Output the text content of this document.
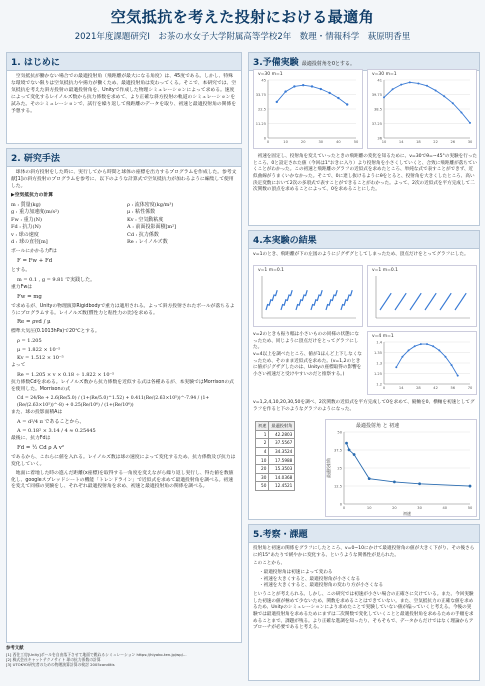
空気抵抗を考えた投射における最適角
2021年度課題研究Ⅰ　お茶の水女子大学附属高等学校2年　数理・情報科学　萩原明香里
1. はじめに

　空気抵抗が働かない場合での最適投射角（飛距離が最大になる角度）は、45度である。しかし、特殊な環境でない限りは空気抵抗力や揚力が働くため、最適投射角は変わってくる。そこで、本研究では、空気抵抗を考えた斜方投射の最適投射角を、Unityで作成した物理シミュレーションによって求める。速度によって変化するレイノルズ数から抗力係数を求めて、より正確な斜方投射の軌道のシミュレーションを試みた。そのシミュレーションで、試行を繰り返して飛距離のデータを取り、初速と最適投射角の関係を予想する。

2. 研究手法

　球体の斜方投射をした時に、実行してから時間と球体の座標を出力するプログラムを作成した。参考文献[1]の斜方投射のプログラムを参考に、以下のような計算式で空気抵抗力が加わるように編集して使用した。

▶空気抵抗力の計算

m : 質量(kg)	ρ : 流体密度(kg/m³)
g : 重力加速度(m/s²)	μ : 粘性係数
Fw : 重力(N)	Kv : 空気動粘度
Fd : 抗力(N)	A : 前面投影面積[m²]
v : 球の速度	Cd : 抗力係数
d : 球の直径[m]	Re : レイノルズ数

ボールにかかる力Fは

F = Fw + Fd

とする。

m = 0.1 , g = 9.81 で実践した。

重力Fwは

Fw = mg

で求めるが、Unityの物理演算Rigidbodyで重力は適用される。よって斜方投射されたボールが落ちるようにプログラムする。レイノルズ数(慣性力と粘性力の比)を求める。

Re = ρvd / μ

標準大気圧(0.1013hPa)で20℃とする。

ρ = 1.205
μ = 1.822 × 10⁻⁵
Kv = 1.512 × 10⁻⁵

よって

Re = 1.205 × v × 0.18 ÷ 1.822 × 10⁻⁵

抗力係数Cdを求める。レイノルズ数から抗力係数を近似する式は各種あるが、本実験ではMorrisonの式を使用した。Morrisonの式

Cd = 24/Re + 2.6(Re/5.0) / (1+(Re/5.0)^1.52) + 0.411(Re/(2.63×10⁵))^-7.94 / (1+(Re/(2.63×10⁵))^-8) + 0.25(Re/10⁶) / (1+(Re/10⁶))

また、球の投影面積Aは

A = d²/4 π であることから、
A = 0.18² × 3.14 / 4 ≈ 0.25445

最後に、抗力Fdは

Fd = ½ Cd ρ A v²

であるから、これらに値を入れる。レイノルズ数は球の速度によって変化するため、抗力係数及び抗力は変化していく。

　地面に着地した時の進んだ距離(x座標)を取得する一角度を変えながら繰り返し実行し、得た値を数値化し、googleスプレッドシートの機能「トレンドライン」で近似式を求めて最適投射角を調べる。初速を変えて同様の実験をし、それぞれ最適投射角を求め、初速と最適投射角の関係を調べる。

参考文献
[1] 西住工房[Unity]ボールを自由落下させて地面で跳ねるシミュレーション https://hiyoko-ten.jp/wp/...
[2] 株式会社キャットテクノサイト 球の抗力係数の計算
[3] UTOKYO研究者のための物理演算計算の検討 2005conditis
3.予備実験 最適投射角を0とする。
0
11.25
22.5
33.75
45
0	10	20	30	40	50
v=30 m=1
36
37.25
38.5
39.75
41
10	14	18	22	26	30
v=30 m=1

　初速を固定し、投射角を変えていったときの飛距離の変化を知るために、v=30でθ=~45°の実験を行ったところ、0と設定された値（今回は1°おきに入り）より投射角を小さくしていくと、合致に飛距離が落ちていくことがわかった。この初速と飛距離のグラフの近似式を求めたところ、単純な式で表すことができず、近似曲線がうまくいかなかった。そこで、0に達し抜けるようにθをとると、投射角を大きくしたところ、高い決定変数において2次の多項式で表すことができることがわかった。よって、2次の近似式を平方完成して二次関数の頂点を求めることによって、0を求めることにした。

4.本実験の結果

v=1のとき、飛距離が下の左図のようにジグザグとしてしまったため、頂点だけをとってグラフにした。

v=1 m=0.1	v=1 m=0.1
v=2のときも振り幅は小さいものの同様の状態になったため、同じように頂点だけをとってグラフにした。
v=4以上を調べたところ、値が1ほんど上下しなくなったため、そのまま近似式を求めた。(v=1,2のときに値がジグザグしたのは、Unityの座標取得の影響を小さい初速だと受けやすいのだと推察する。)
1.2
1.25
1.3
1.35
1.4
0	14	28	42	56	70
v=4 m=1

v=1,2,4,10,20,30,50を調べ、2次関数の近似式を平方完成して0を求めて、縦軸を0、横軸を初速としてグラフを作ると下のようなグラフのようになった。

初速	最適投射角
1	42.2803
2	37.5567
4	34.3524
10	17.5988
20	15.3503
30	14.0368
50	12.4521
0
12.5
25
37.5
50
0	10	20	30	40	50
初速
最適投射角
最適投射角 と 初速
5.考察・課題

投射角と初速の関係をグラフにしたところ、v=0~10にかけて最適投射角の値が大きく下がり、その後さらに約15°あたりで緩やかに変化する、というような関係性が見られた。

このことから、

・ 最適投射角は初速によって変わる
・ 初速を大きくすると、最適投射角が小さくなる
・ 初速を大きくすると、最適投射角の変わり方が小さくなる

ということが考えられる。しかし、この研究では初速が小さい場合の正確さに欠けている。また、今回実験した初速の値が極めて少ないため、関数を求めることはできていない。また、空気抵抗力の正確な値を求めるため、Unityのシミュレーションにより求めたことで実験していない値が偏っていくと考える。今後の実験では最適投射角を求めるためにまずは二次関数で変化していくことと最適投射角を求めるための手順を求めることまで、課題が残る。より正確な進調を知ったり、そもそもで、データからだけではなく理論からアプローチが必要であると考える。
